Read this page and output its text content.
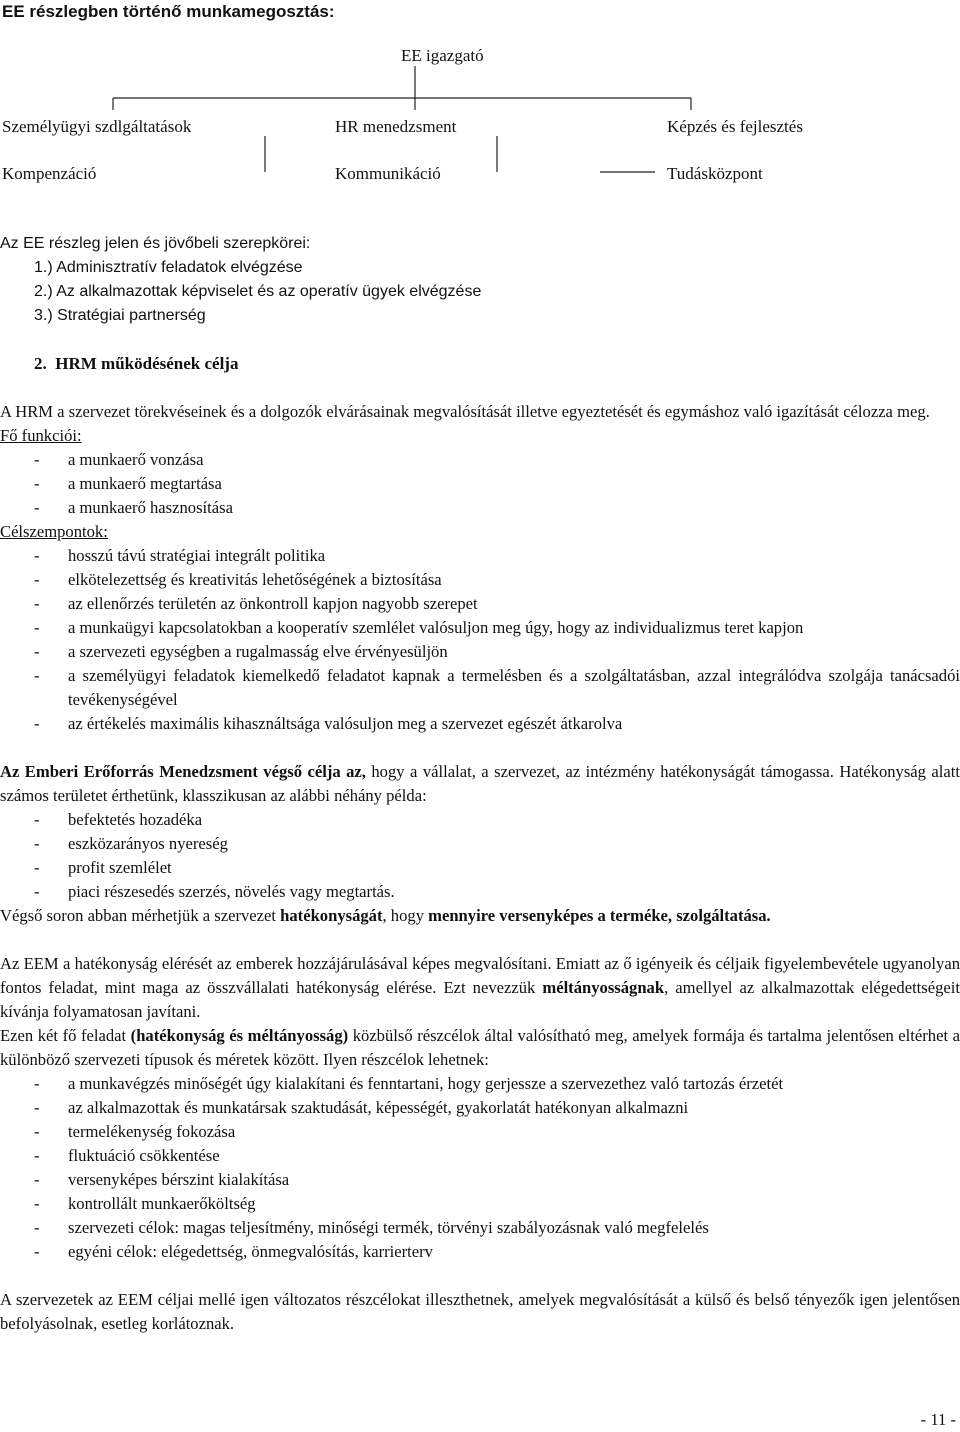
EE részlegben történő munkamegosztás:
EE igazgató
Személyügyi szdlgáltatások
Kompenzáció
HR menedzsment
Kommunikáció
Képzés és fejlesztés
Tudásközpont
Az EE részleg jelen és jövőbeli szerepkörei:
1.) Adminisztratív feladatok elvégzése
2.) Az alkalmazottak képviselet és az operatív ügyek elvégzése
3.) Stratégiai partnerség
2. HRM működésének célja

A HRM a szervezet törekvéseinek és a dolgozók elvárásainak megvalósítását illetve egyeztetését és egymáshoz való igazítását célozza meg.

Fő funkciói:
- a munkaerő vonzása
- a munkaerő megtartása
- a munkaerő hasznosítása
Célszempontok:
- hosszú távú stratégiai integrált politika
- elkötelezettség és kreativitás lehetőségének a biztosítása
- az ellenőrzés területén az önkontroll kapjon nagyobb szerepet
- a munkaügyi kapcsolatokban a kooperatív szemlélet valósuljon meg úgy, hogy az individualizmus teret kapjon
- a szervezeti egységben a rugalmasság elve érvényesüljön
- a személyügyi feladatok kiemelkedő feladatot kapnak a termelésben és a szolgáltatásban, azzal integrálódva szolgája tanácsadói tevékenységével
- az értékelés maximális kihasználtsága valósuljon meg a szervezet egészét átkarolva

Az Emberi Erőforrás Menedzsment végső célja az, hogy a vállalat, a szervezet, az intézmény hatékonyságát támogassa. Hatékonyság alatt számos területet érthetünk, klasszikusan az alábbi néhány példa:

- befektetés hozadéka
- eszközarányos nyereség
- profit szemlélet
- piaci részesedés szerzés, növelés vagy megtartás.

Végső soron abban mérhetjük a szervezet hatékonyságát, hogy mennyire versenyképes a terméke, szolgáltatása.

Az EEM a hatékonyság elérését az emberek hozzájárulásával képes megvalósítani. Emiatt az ő igényeik és céljaik figyelembevétele ugyanolyan fontos feladat, mint maga az összvállalati hatékonyság elérése. Ezt nevezzük méltányosságnak, amellyel az alkalmazottak elégedettségeit kívánja folyamatosan javítani.

Ezen két fő feladat (hatékonyság és méltányosság) közbülső részcélok által valósítható meg, amelyek formája és tartalma jelentősen eltérhet a különböző szervezeti típusok és méretek között. Ilyen részcélok lehetnek:

- a munkavégzés minőségét úgy kialakítani és fenntartani, hogy gerjessze a szervezethez való tartozás érzetét
- az alkalmazottak és munkatársak szaktudását, képességét, gyakorlatát hatékonyan alkalmazni
- termelékenység fokozása
- fluktuáció csökkentése
- versenyképes bérszint kialakítása
- kontrollált munkaerőköltség
- szervezeti célok: magas teljesítmény, minőségi termék, törvényi szabályozásnak való megfelelés
- egyéni célok: elégedettség, önmegvalósítás, karrierterv

A szervezetek az EEM céljai mellé igen változatos részcélokat illeszthetnek, amelyek megvalósítását a külső és belső tényezők igen jelentősen befolyásolnak, esetleg korlátoznak.

- 11 -
